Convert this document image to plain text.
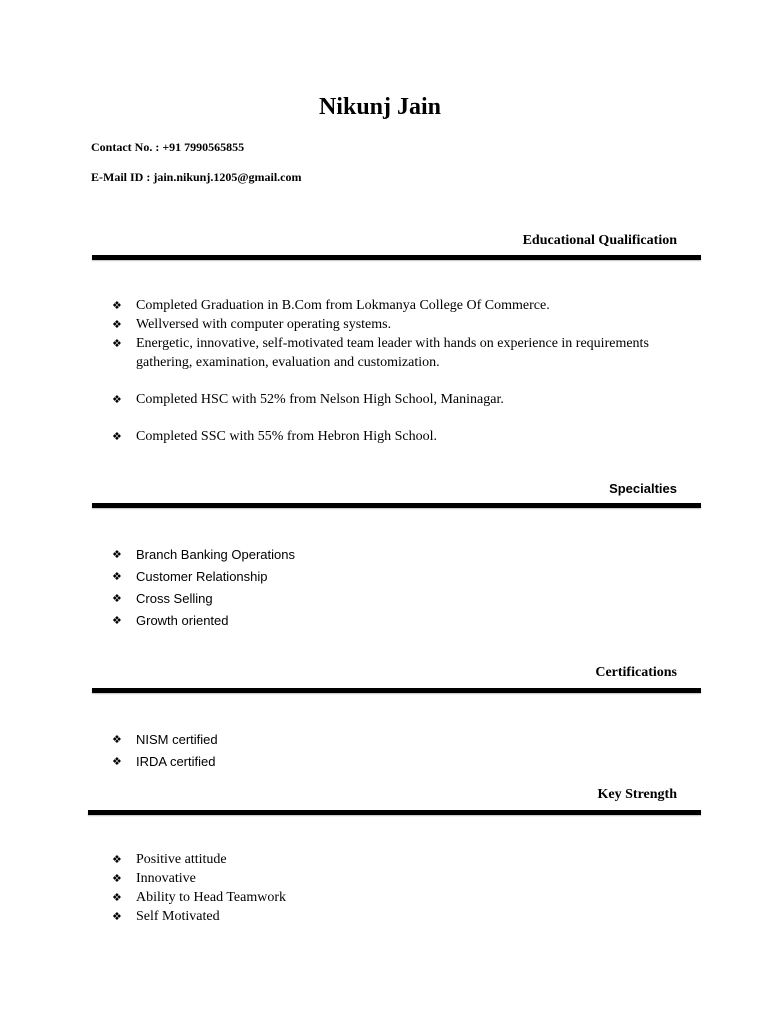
Nikunj Jain
Contact No. : +91 7990565855
E-Mail ID : jain.nikunj.1205@gmail.com
Educational Qualification
❖ Completed Graduation in B.Com from Lokmanya College Of Commerce.
❖ Wellversed with computer operating systems.
❖ Energetic, innovative, self-motivated team leader with hands on experience in requirements gathering, examination, evaluation and customization.
❖ Completed HSC with 52% from Nelson High School, Maninagar.
❖ Completed SSC with 55% from Hebron High School.
Specialties
❖ Branch Banking Operations
❖ Customer Relationship
❖ Cross Selling
❖ Growth oriented
Certifications
❖ NISM certified
❖ IRDA certified
Key Strength
❖ Positive attitude
❖ Innovative
❖ Ability to Head Teamwork
❖ Self Motivated
